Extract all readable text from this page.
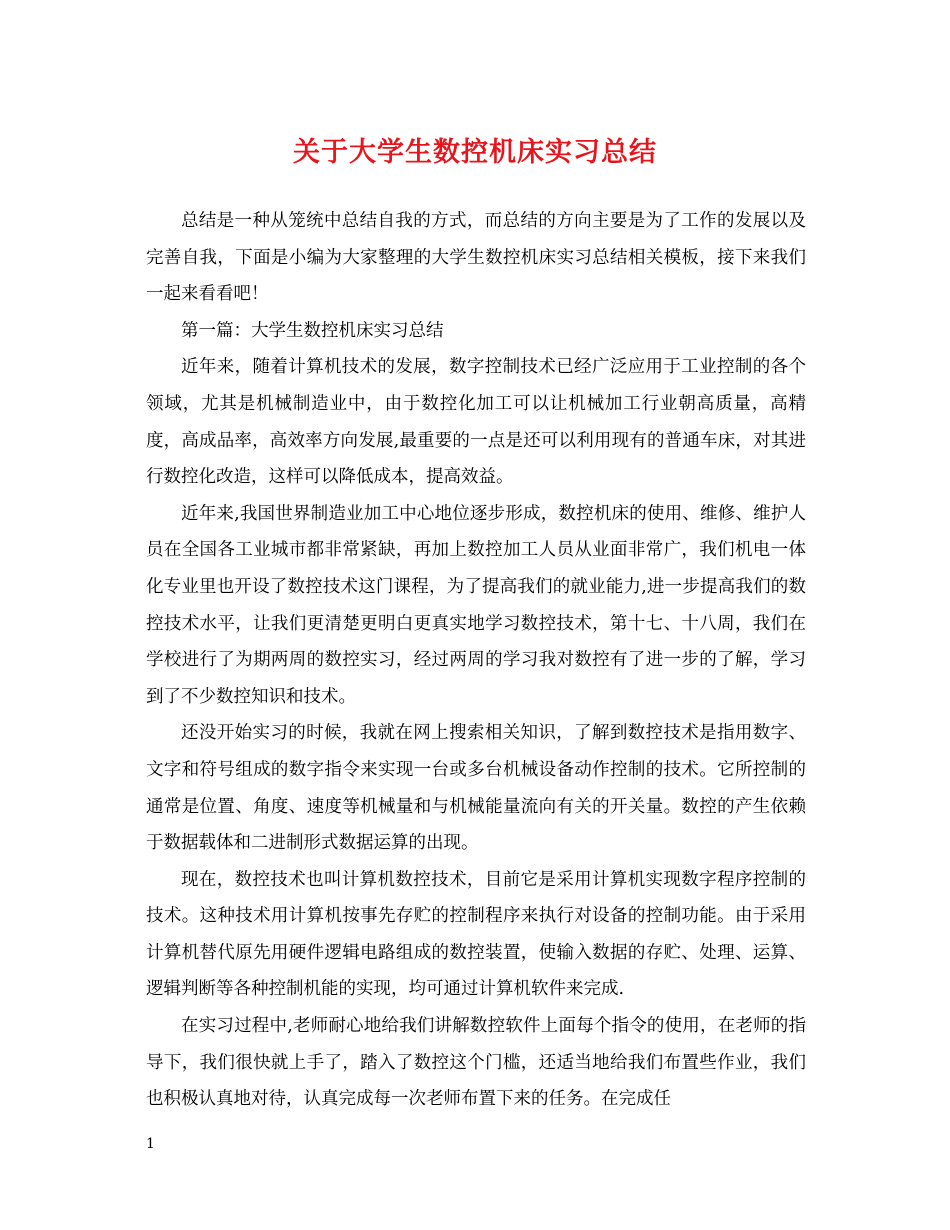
关于大学生数控机床实习总结

总结是一种从笼统中总结自我的方式，而总结的方向主要是为了工作的发展以及完善自我，下面是小编为大家整理的大学生数控机床实习总结相关模板，接下来我们一起来看看吧！

第一篇：大学生数控机床实习总结

近年来，随着计算机技术的发展，数字控制技术已经广泛应用于工业控制的各个领域，尤其是机械制造业中，由于数控化加工可以让机械加工行业朝高质量，高精度，高成品率，高效率方向发展,最重要的一点是还可以利用现有的普通车床，对其进行数控化改造，这样可以降低成本，提高效益。

近年来,我国世界制造业加工中心地位逐步形成，数控机床的使用、维修、维护人员在全国各工业城市都非常紧缺，再加上数控加工人员从业面非常广，我们机电一体化专业里也开设了数控技术这门课程，为了提高我们的就业能力,进一步提高我们的数控技术水平，让我们更清楚更明白更真实地学习数控技术，第十七、十八周，我们在学校进行了为期两周的数控实习，经过两周的学习我对数控有了进一步的了解，学习到了不少数控知识和技术。

还没开始实习的时候，我就在网上搜索相关知识，了解到数控技术是指用数字、文字和符号组成的数字指令来实现一台或多台机械设备动作控制的技术。它所控制的通常是位置、角度、速度等机械量和与机械能量流向有关的开关量。数控的产生依赖于数据载体和二进制形式数据运算的出现。

现在，数控技术也叫计算机数控技术，目前它是采用计算机实现数字程序控制的技术。这种技术用计算机按事先存贮的控制程序来执行对设备的控制功能。由于采用计算机替代原先用硬件逻辑电路组成的数控装置，使输入数据的存贮、处理、运算、逻辑判断等各种控制机能的实现，均可通过计算机软件来完成.

在实习过程中,老师耐心地给我们讲解数控软件上面每个指令的使用，在老师的指导下，我们很快就上手了，踏入了数控这个门槛，还适当地给我们布置些作业，我们也积极认真地对待，认真完成每一次老师布置下来的任务。在完成任

1
